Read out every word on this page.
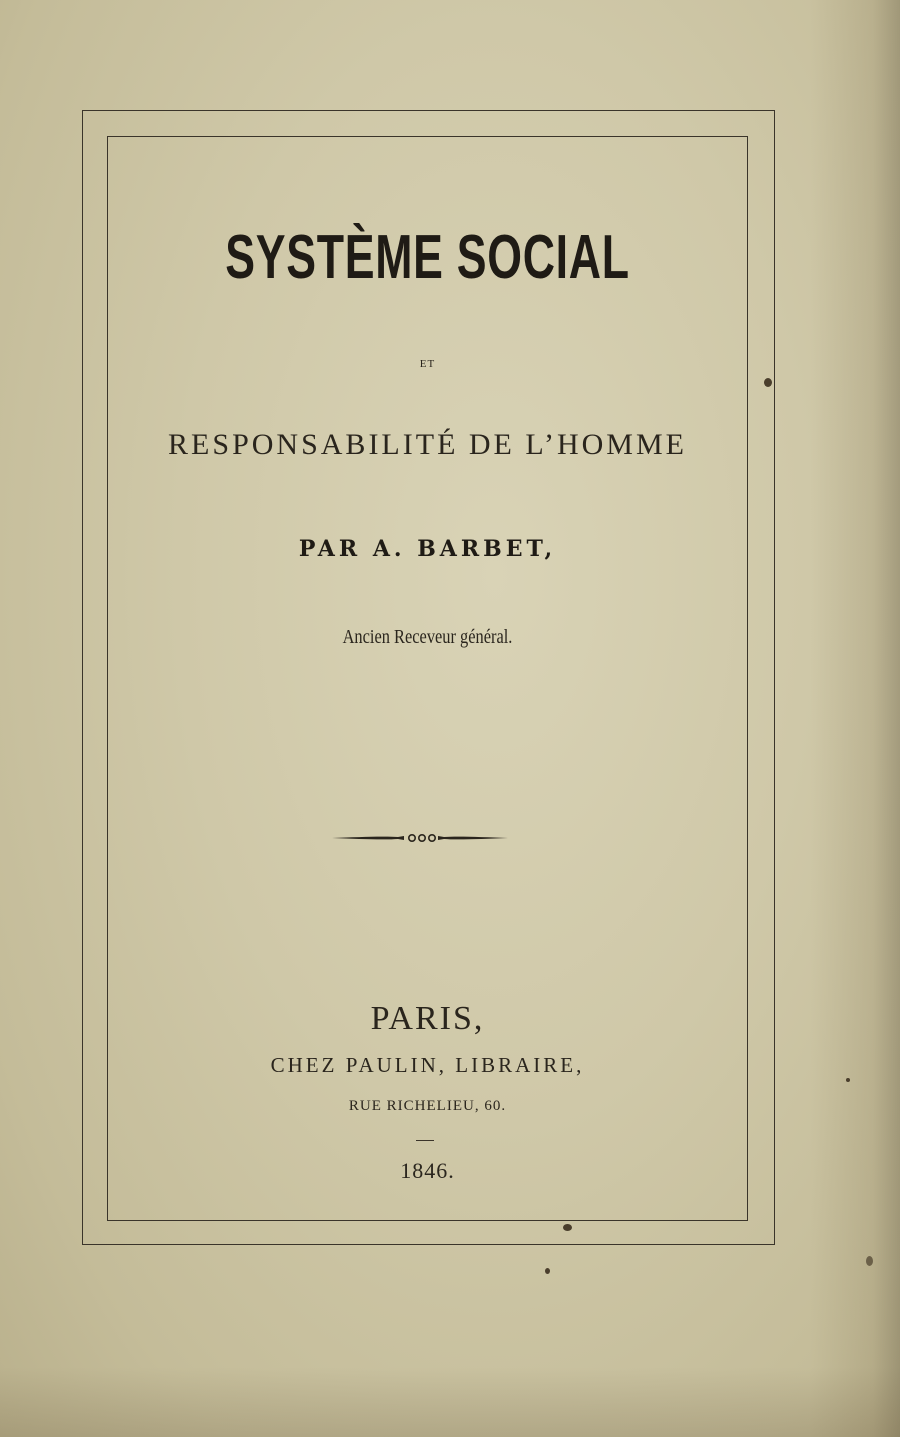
SYSTÈME SOCIAL
ET
RESPONSABILITÉ DE L’HOMME
PAR A. BARBET,
Ancien Receveur général.
PARIS,
CHEZ PAULIN, LIBRAIRE,
RUE RICHELIEU, 60.
1846.
